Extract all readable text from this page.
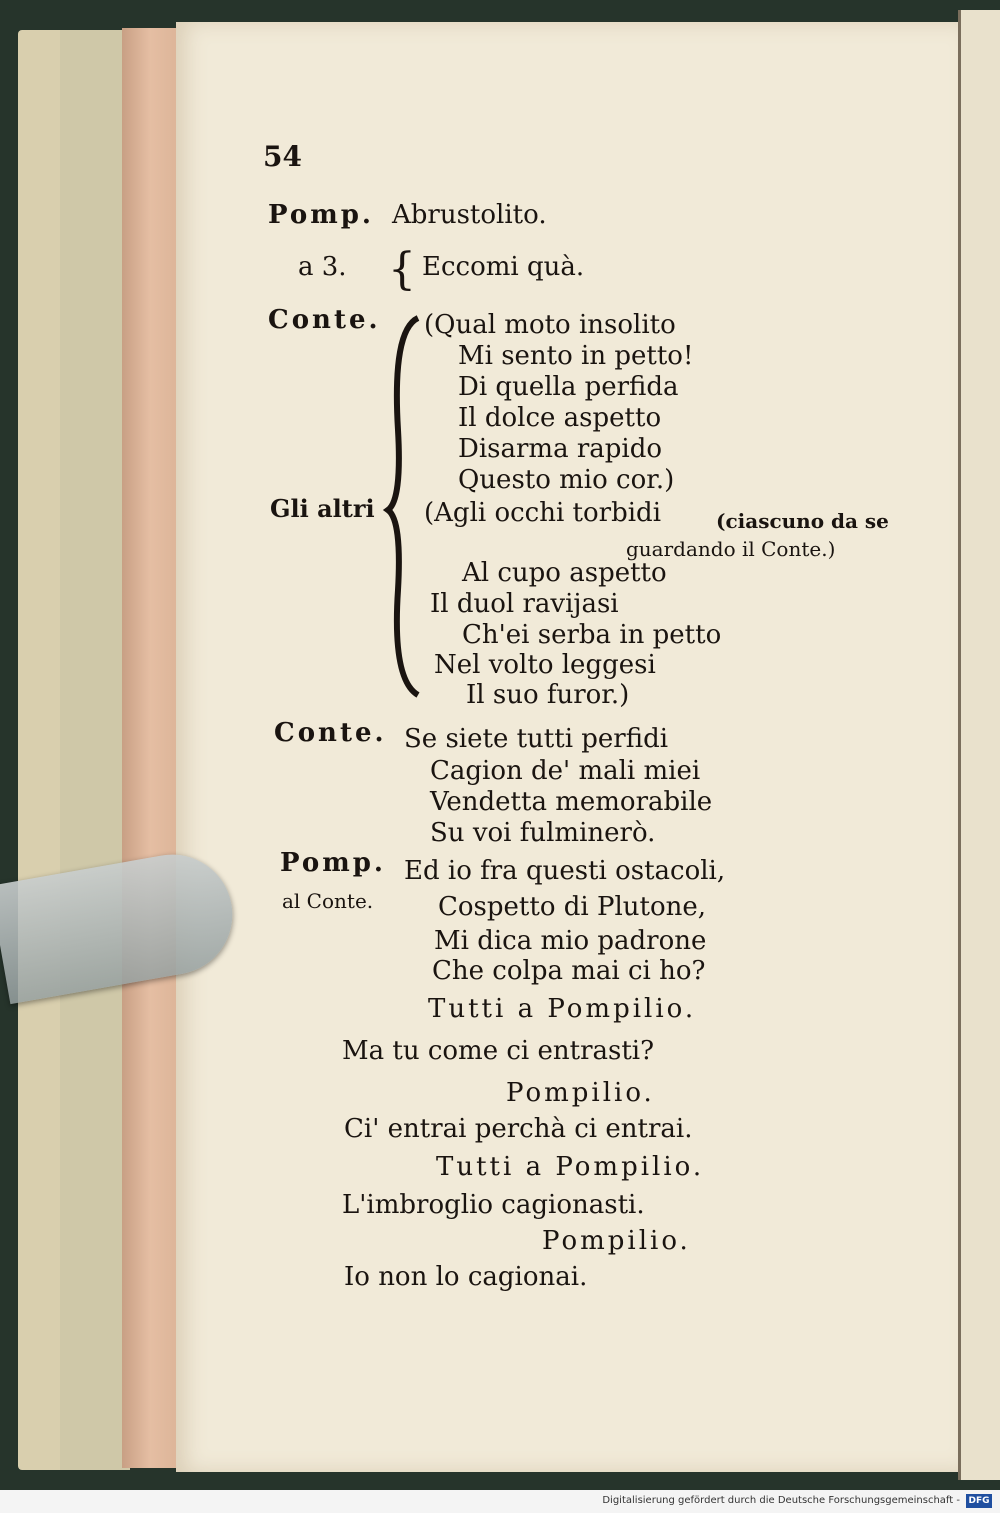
54
Pomp. Abrustolito.
a 3. { Eccomi quà.
Conte. (Qual moto insolito
Mi sento in petto!
Di quella perfida
Il dolce aspetto
Disarma rapido
Questo mio cor.)
Gli altri (Agli occhi torbidi	(ciascuno da se
guardando il Conte.)
Al cupo aspetto
Il duol ravijasi
Ch'ei serba in petto
Nel volto leggesi
Il suo furor.)
Conte. Se siete tutti perfidi
Cagion de' mali miei
Vendetta memorabile
Su voi fulminerò.
Pomp. Ed io fra questi ostacoli,
al Conte. Cospetto di Plutone,
Mi dica mio padrone
Che colpa mai ci ho?
Tutti a Pompilio.
Ma tu come ci entrasti?
Pompilio.
Ci' entrai perchà ci entrai.
Tutti a Pompilio.
L'imbroglio cagionasti.
Pompilio.
Io non lo cagionai.
Digitalisierung gefördert durch die Deutsche Forschungsgemeinschaft - DFG
